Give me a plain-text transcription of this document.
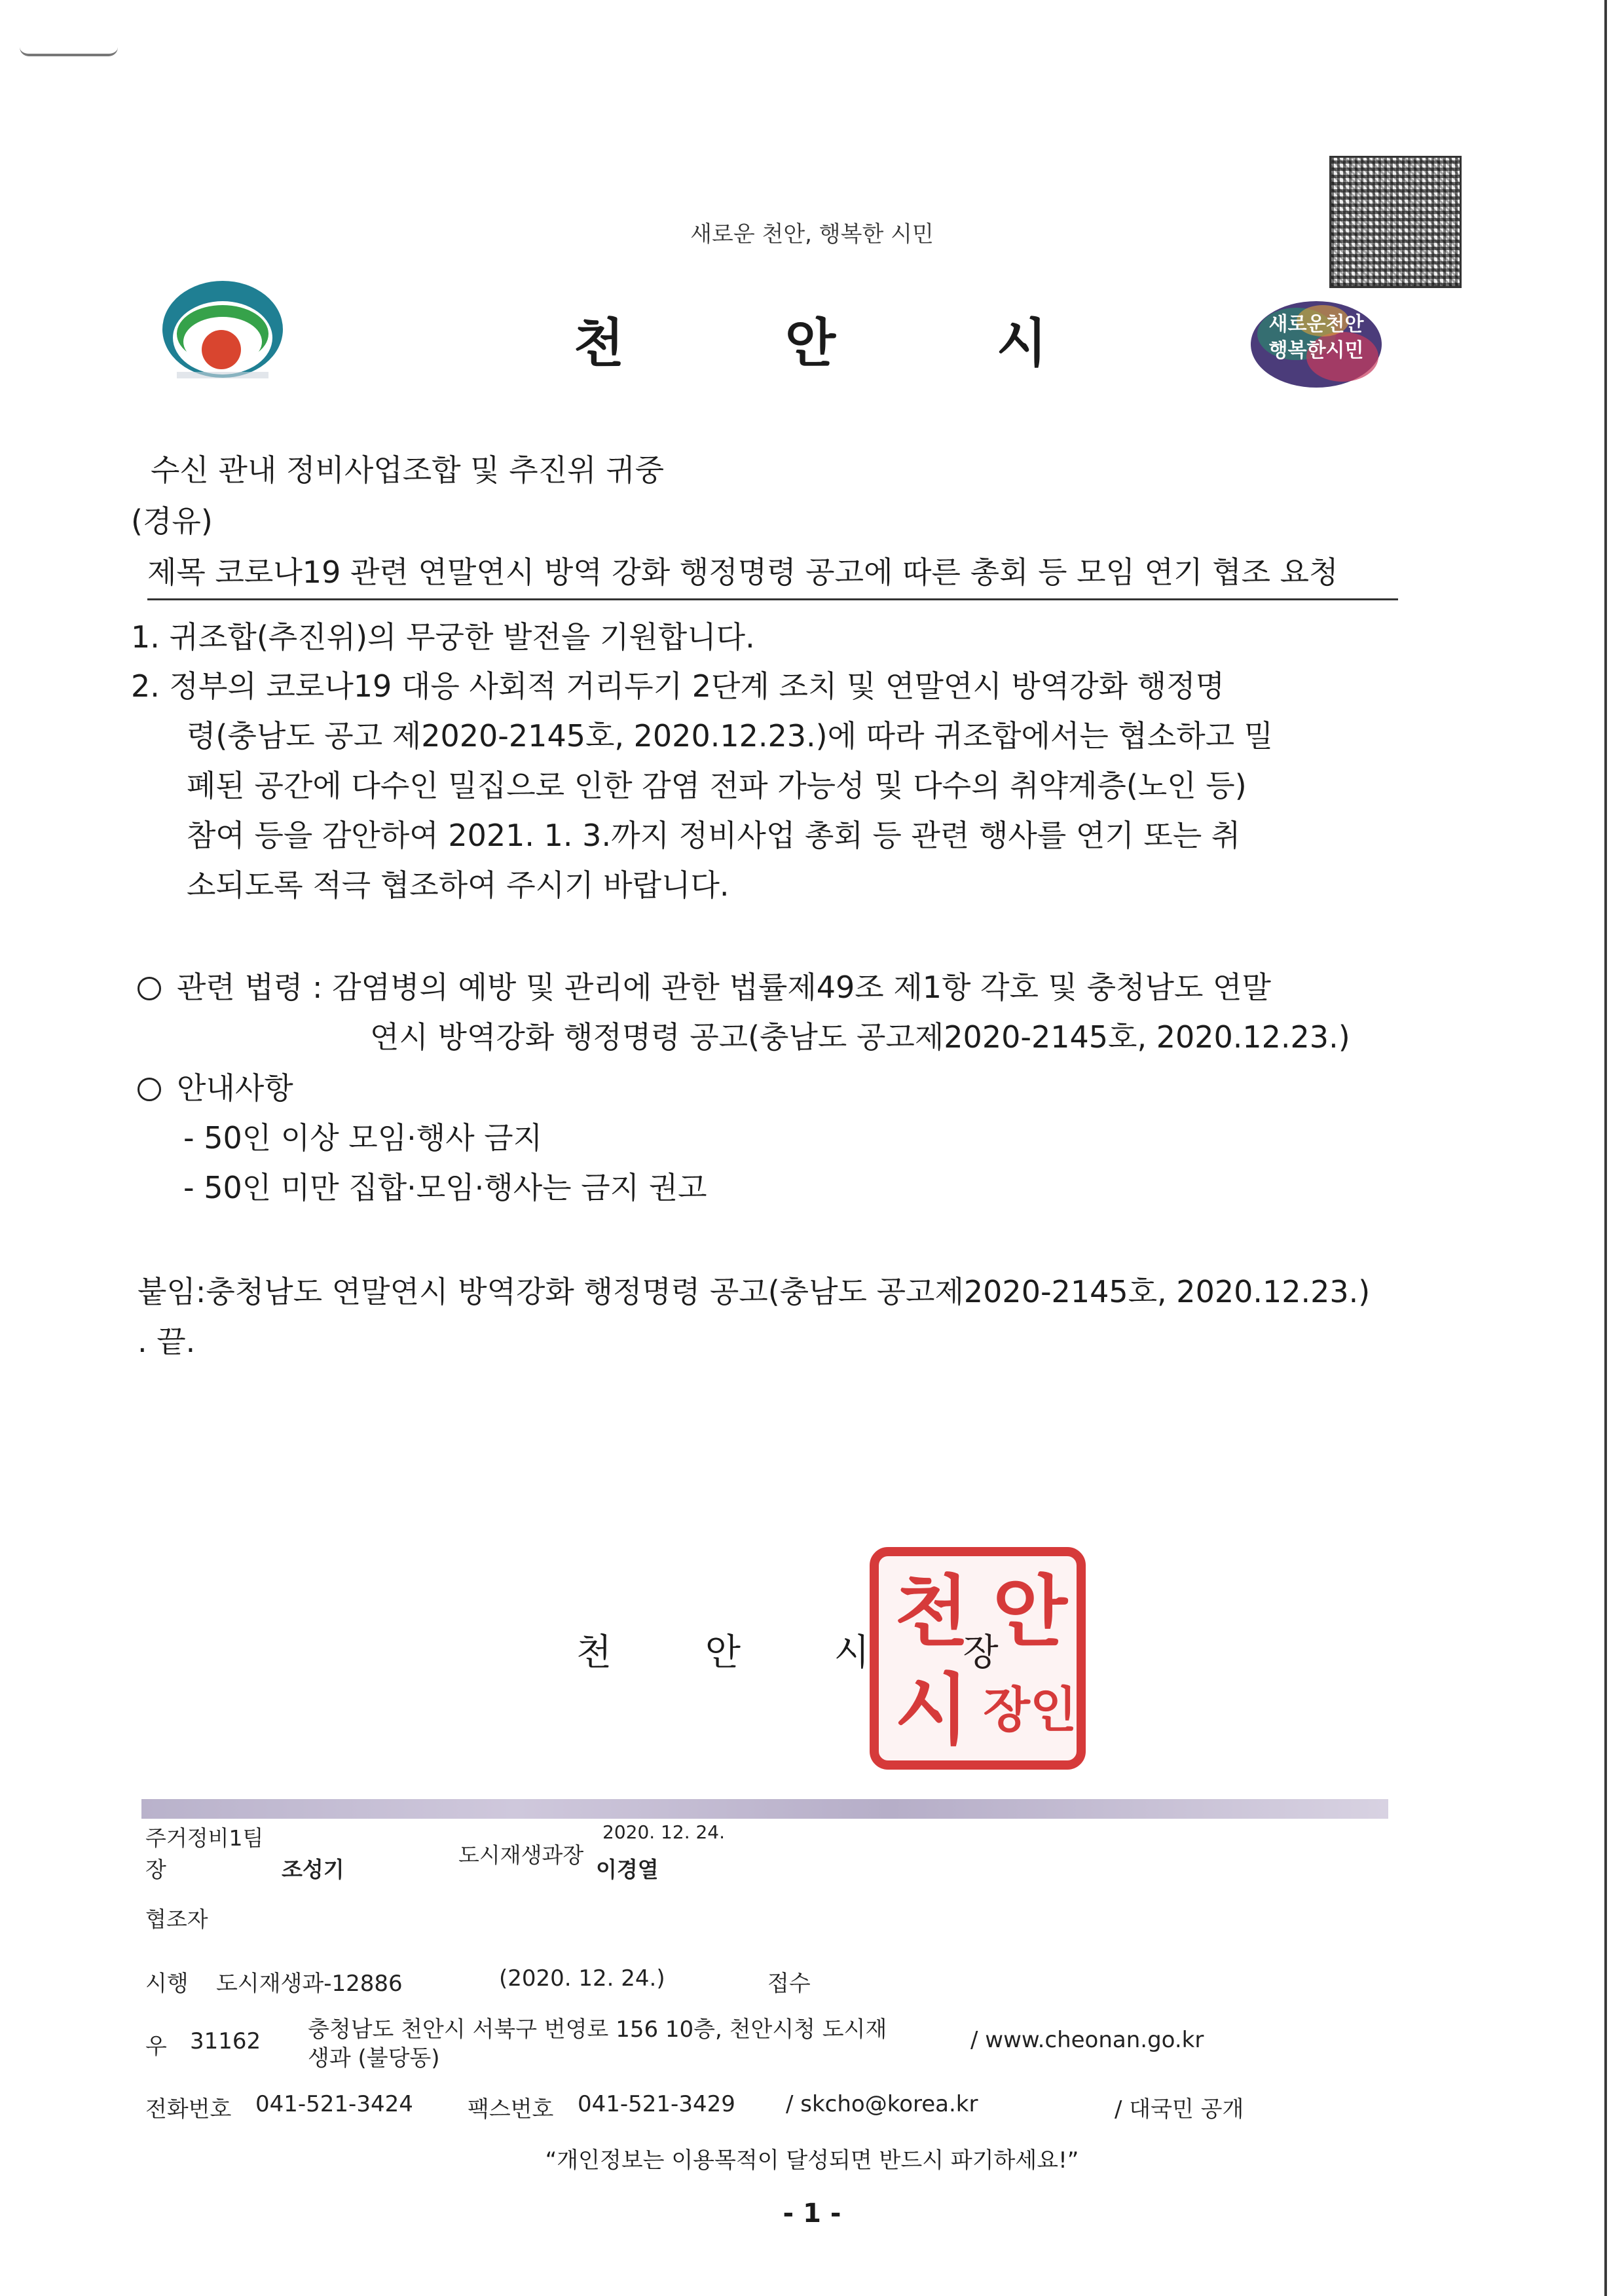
새로운 천안, 행복한 시민
천	안	시	새로운천안
행복한시민
수신 관내 정비사업조합 및 추진위 귀중
(경유)
제목 코로나19 관련 연말연시 방역 강화 행정명령 공고에 따른 총회 등 모임 연기 협조 요청
1. 귀조합(추진위)의 무궁한 발전을 기원합니다.
2. 정부의 코로나19 대응 사회적 거리두기 2단계 조치 및 연말연시 방역강화 행정명
령(충남도 공고 제2020-2145호, 2020.12.23.)에 따라 귀조합에서는 협소하고 밀
폐된 공간에 다수인 밀집으로 인한 감염 전파 가능성 및 다수의 취약계층(노인 등)
참여 등을 감안하여 2021. 1. 3.까지 정비사업 총회 등 관련 행사를 연기 또는 취
소되도록 적극 협조하여 주시기 바랍니다.
관련 법령 : 감염병의 예방 및 관리에 관한 법률제49조 제1항 각호 및 충청남도 연말
연시 방역강화 행정명령 공고(충남도 공고제2020-2145호, 2020.12.23.)
안내사항
- 50인 이상 모임·행사 금지
- 50인 미만 집합·모임·행사는 금지 권고
붙임:충청남도 연말연시 방역강화 행정명령 공고(충남도 공고제2020-2145호, 2020.12.23.)
. 끝.
천 안 시 장
천 안
시 장인
주거정비1팀
장	조성기
도시재생과장
2020. 12. 24.
이경열
협조자
시행 도시재생과-12886	(2020. 12. 24.)	접수
우 31162 충청남도 천안시 서북구 번영로 156 10층, 천안시청 도시재
생과 (불당동)
/ www.cheonan.go.kr
전화번호 041-521-3424 팩스번호 041-521-3429 / skcho@korea.kr	/ 대국민 공개
“개인정보는 이용목적이 달성되면 반드시 파기하세요!”
- 1 -
